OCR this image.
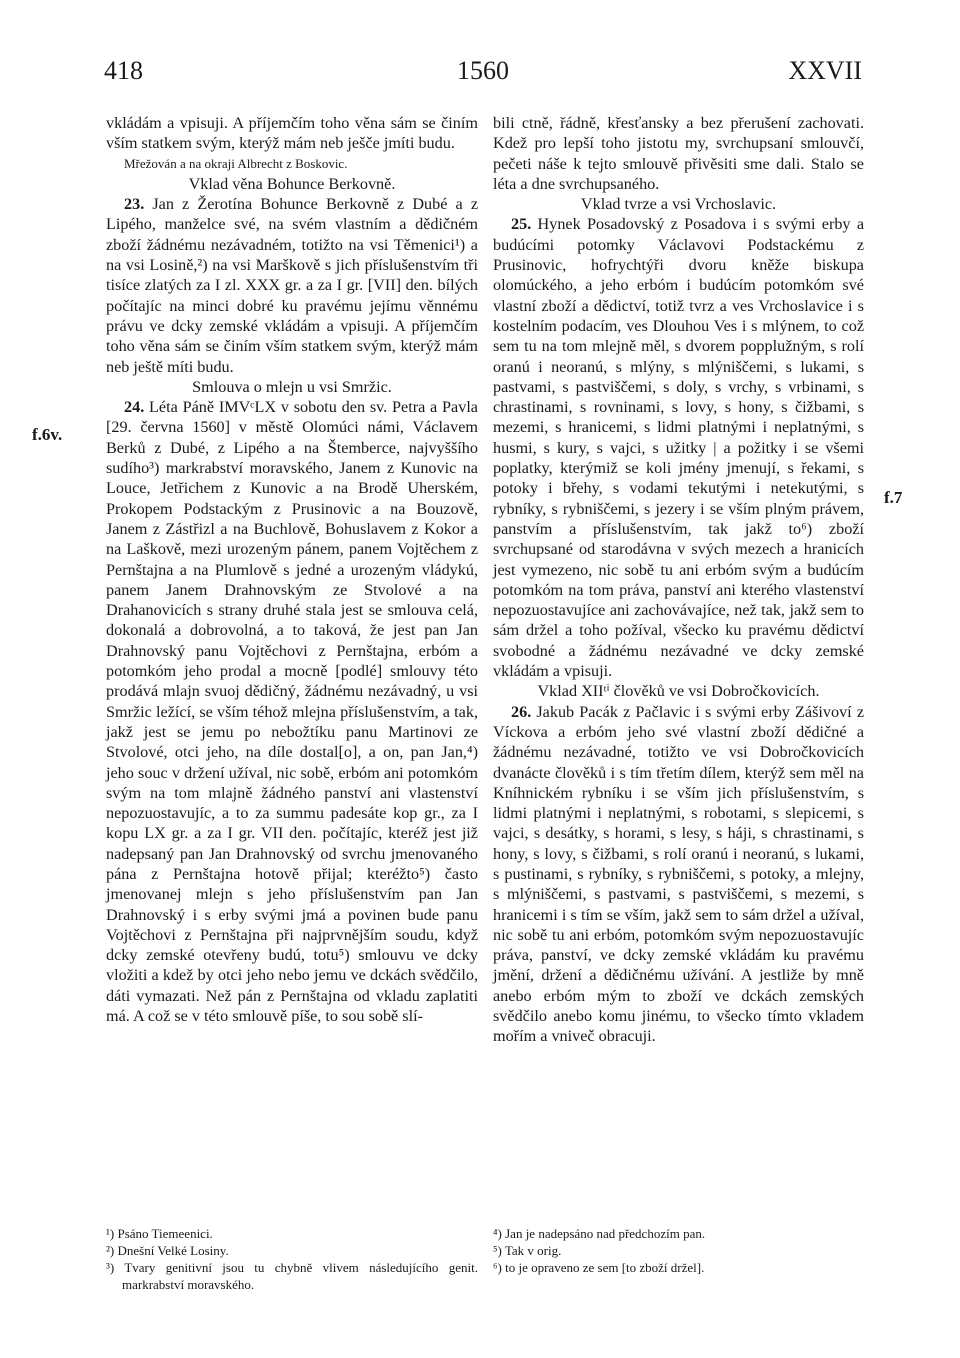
418	1560	XXVII
f.6v.
f.7

vkládám a vpisuji. A příjemčím toho věna sám se činím vším statkem svým, kterýž mám neb ješče jmíti budu.

Mřežován a na okraji Albrecht z Boskovic.

Vklad věna Bohunce Berkovně.

23. Jan z Žerotína Bohunce Berkovně z Dubé a z Lipého, manželce své, na svém vlastním a dědičném zboží žádnému nezávadném, totižto na vsi Těmenici¹) a na vsi Losině,²) na vsi Marškově s jich příslušenstvím tři tisíce zlatých za I zl. XXX gr. a za I gr. [VII] den. bílých počítajíc na minci dobré ku pravému jejímu věnnému právu ve dcky zemské vkládám a vpisuji. A příjemčím toho věna sám se činím vším statkem svým, kterýž mám neb ještě míti budu.

Smlouva o mlejn u vsi Smržic.

24. Léta Páně IMVᶜLX v sobotu den sv. Petra a Pavla [29. června 1560] v městě Olomúci námi, Václavem Berků z Dubé, z Lipého a na Štemberce, najvyššího sudího³) markrabství moravského, Janem z Kunovic na Louce, Jetřichem z Kunovic a na Brodě Uherském, Prokopem Podstackým z Prusinovic a na Bouzově, Janem z Zástřizl a na Buchlově, Bohuslavem z Kokor a na Laškově, mezi urozeným pánem, panem Vojtěchem z Pernštajna a na Plumlově s jedné a urozeným vládykú, panem Janem Drahnovským ze Stvolové a na Drahanovicích s strany druhé stala jest se smlouva celá, dokonalá a dobrovolná, a to taková, že jest pan Jan Drahnovský panu Vojtěchovi z Pernštajna, erbóm a potomkóm jeho prodal a mocně [podlé] smlouvy této prodává mlajn svuoj dědičný, žádnému nezávadný, u vsi Smržic ležící, se vším téhož mlejna příslušenstvím, a tak, jakž jest se jemu po nebožtíku panu Martinovi ze Stvolové, otci jeho, na díle dostal[o], a on, pan Jan,⁴) jeho souc v držení užíval, nic sobě, erbóm ani potomkóm svým na tom mlajně žádného panství ani vlastenství nepozuostavujíc, a to za summu padesáte kop gr., za I kopu LX gr. a za I gr. VII den. počítajíc, kteréž jest již nadepsaný pan Jan Drahnovský od svrchu jmenovaného pána z Pernštajna hotově přijal; kteréžto⁵) často jmenovanej mlejn s jeho příslušenstvím pan Jan Drahnovský i s erby svými jmá a povinen bude panu Vojtěchovi z Pernštajna při najprvnějším soudu, když dcky zemské otevřeny budú, totu⁵) smlouvu ve dcky vložiti a kdež by otci jeho nebo jemu ve dckách svědčilo, dáti vymazati. Než pán z Pernštajna od vkladu zaplatiti má. A což se v této smlouvě píše, to sou sobě slí-

bili ctně, řádně, křesťansky a bez přerušení zachovati. Kdež pro lepší toho jistotu my, svrchupsaní smlouvčí, pečeti náše k tejto smlouvě přivěsiti sme dali. Stalo se léta a dne svrchupsaného.

Vklad tvrze a vsi Vrchoslavic.

25. Hynek Posadovský z Posadova i s svými erby a budúcími potomky Václavovi Podstackému z Prusinovic, hofrychtýři dvoru kněže biskupa olomúckého, a jeho erbóm i budúcím potomkóm své vlastní zboží a dědictví, totiž tvrz a ves Vrchoslavice i s kostelním podacím, ves Dlouhou Ves i s mlýnem, to což sem tu na tom mlejně měl, s dvorem popplužným, s rolí oranú i neoranú, s mlýny, s mlýniščemi, s lukami, s pastvami, s pastviščemi, s doly, s vrchy, s vrbinami, s chrastinami, s rovninami, s lovy, s hony, s čižbami, s mezemi, s hranicemi, s lidmi platnými i neplatnými, s husmi, s kury, s vajci, s užitky | a požitky i se všemi poplatky, kterýmiž se koli jmény jmenují, s řekami, s potoky i břehy, s vodami tekutými i netekutými, s rybníky, s rybniščemi, s jezery i se vším plným právem, panstvím a příslušenstvím, tak jakž to⁶) zboží svrchupsané od starodávna v svých mezech a hranicích jest vymezeno, nic sobě tu ani erbóm svým a budúcím potomkóm na tom práva, panství ani kterého vlastenství nepozuostavujíce ani zachovávajíce, než tak, jakž sem to sám držel a toho požíval, všecko ku pravému dědictví svobodné a žádnému nezávadné ve dcky zemské vkládám a vpisuji.

Vklad XIIᵗⁱ člověků ve vsi Dobročkovicích.

26. Jakub Pacák z Pačlavic i s svými erby Zášivoví z Víckova a erbóm jeho své vlastní zboží dědičné a žádnému nezávadné, totižto ve vsi Dobročkovicích dvanácte člověků i s tím třetím dílem, kterýž sem měl na Kníhnickém rybníku i se vším jich příslušenstvím, s lidmi platnými i neplatnými, s robotami, s slepicemi, s vajci, s desátky, s horami, s lesy, s háji, s chrastinami, s hony, s lovy, s čižbami, s rolí oranú i neoranú, s lukami, s pustinami, s rybníky, s rybniščemi, s potoky, a mlejny, s mlýniščemi, s pastvami, s pastviščemi, s mezemi, s hranicemi i s tím se vším, jakž sem to sám držel a užíval, nic sobě tu ani erbóm, potomkóm svým nepozuostavujíc práva, panství, ve dcky zemské vkládám ku pravému jmění, držení a dědičnému užívání. A jestliže by mně anebo erbóm mým to zboží ve dckách zemských svědčilo anebo komu jinému, to všecko tímto vkladem mořím a vnivеč obracuji.

¹) Psáno Tiemeenici.

²) Dnešní Velké Losiny.

³) Tvary genitivní jsou tu chybně vlivem následujícího genit. markrabství moravského.

⁴) Jan je nadepsáno nad předchozím pan.

⁵) Tak v orig.

⁶) to je opraveno ze sem [to zboží držel].
